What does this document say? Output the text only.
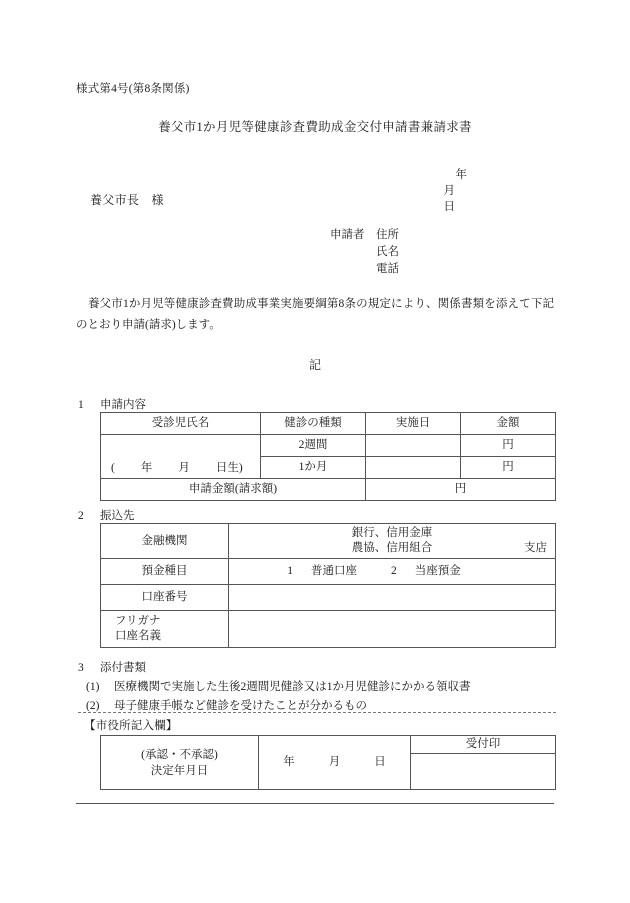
様式第4号(第8条関係)
養父市1か月児等健康診査費助成金交付申請書兼請求書

年
月
日

養父市長　様
申請者 住所
氏名
電話
養父市1か月児等健康診査費助成事業実施要綱第8条の規定により、関係書類を添えて下記のとおり申請(請求)します。
記
1 申請内容
受診児氏名	健診の種類	実施日	金額
( 年 月 日生)	2週間		円
	1か月		円
申請金額(請求額)		円	
2 振込先
金融機関	銀行、信用金庫
農協、信用組合 支店

預金種目	1 普通口座 2 当座預金
口座番号	

フリガナ
口座名義	

3 添付書類
(1) 医療機関で実施した生後2週間児健診又は1か月児健診にかかる領収書
(2) 母子健康手帳など健診を受けたことが分かるもの
【市役所記入欄】
(承認・不承認)
決定年月日
	年	月	日	受付印
